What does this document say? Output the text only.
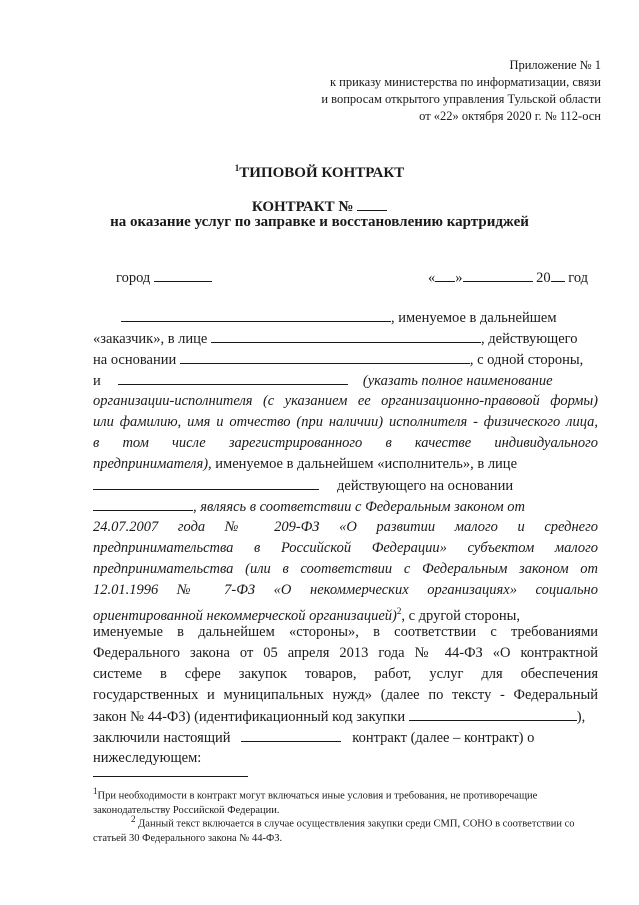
Приложение № 1
к приказу министерства по информатизации, связи
и вопросам открытого управления Тульской области
от «22» октября 2020 г. № 112-осн
$^1$ТИПОВОЙ КОНТРАКТ
КОНТРАКТ №
на оказание услуг по заправке и восстановлению картриджей
город	« »	20 год
, именуемое в дальнейшем
«заказчик», в лице	, действующего
на основании	, с одной стороны,
и	(указать полное наименование
организации-исполнителя (с указанием ее организационно-правовой формы)
или фамилию, имя и отчество (при наличии) исполнителя - физического лица,
в том числе зарегистрированного в качестве индивидуального
предпринимателя), именуемое в дальнейшем «исполнитель», в лице
действующего на основании
, являясь в соответствии с Федеральным законом от
24.07.2007 года № 209-ФЗ «О развитии малого и среднего
предпринимательства в Российской Федерации» субъектом малого
предпринимательства (или в соответствии с Федеральным законом от
12.01.1996 № 7-ФЗ «О некоммерческих организациях» социально
ориентированной некоммерческой организацией)$^2$, с другой стороны,
именуемые в дальнейшем «стороны», в соответствии с требованиями
Федерального закона от 05 апреля 2013 года № 44-ФЗ «О контрактной
системе в сфере закупок товаров, работ, услуг для обеспечения
государственных и муниципальных нужд» (далее по тексту - Федеральный
закон № 44-ФЗ) (идентификационный код закупки	),
заключили настоящий	контракт (далее – контракт) о
нижеследующем:
$^1$При необходимости в контракт могут включаться иные условия и требования, не противоречащие законодательству Российской Федерации.
$^2$ Данный текст включается в случае осуществления закупки среди СМП, СОНО в соответствии со статьей 30 Федерального закона № 44-ФЗ.
